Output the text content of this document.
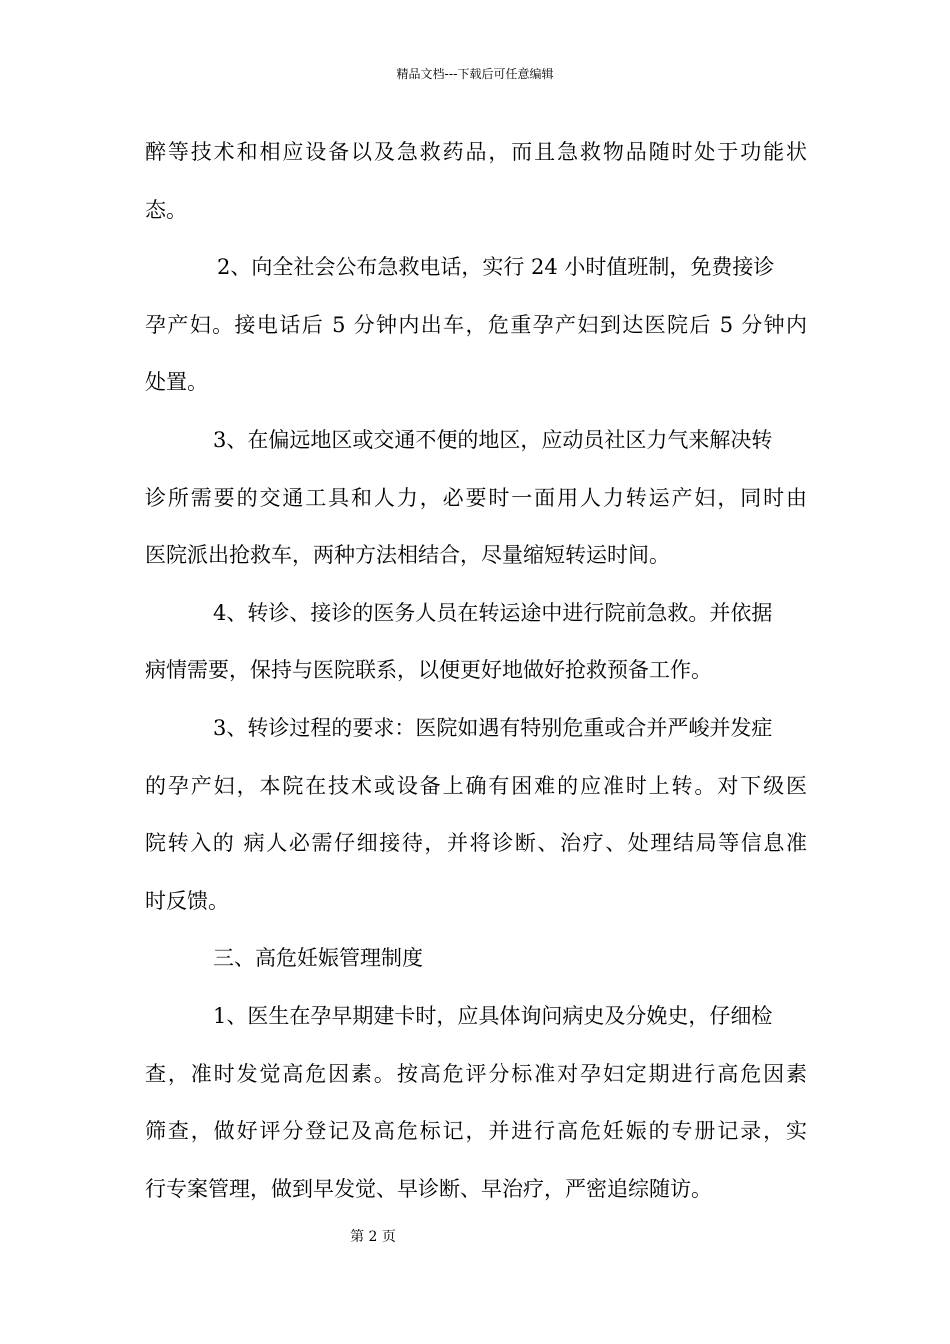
精品文档---下载后可任意编辑
醉等技术和相应设备以及急救药品，而且急救物品随时处于功能状
态。
2、向全社会公布急救电话，实行 24 小时值班制，免费接诊
孕产妇。接电话后 5 分钟内出车，危重孕产妇到达医院后 5 分钟内
处置。
3、在偏远地区或交通不便的地区，应动员社区力气来解决转
诊所需要的交通工具和人力，必要时一面用人力转运产妇，同时由
医院派出抢救车，两种方法相结合，尽量缩短转运时间。
4、转诊、接诊的医务人员在转运途中进行院前急救。并依据
病情需要，保持与医院联系，以便更好地做好抢救预备工作。
3、转诊过程的要求：医院如遇有特别危重或合并严峻并发症
的孕产妇，本院在技术或设备上确有困难的应准时上转。对下级医
院转入的 病人必需仔细接待，并将诊断、治疗、处理结局等信息准
时反馈。
三、高危妊娠管理制度
1、医生在孕早期建卡时，应具体询问病史及分娩史，仔细检
查，准时发觉高危因素。按高危评分标准对孕妇定期进行高危因素
筛查，做好评分登记及高危标记，并进行高危妊娠的专册记录，实
行专案管理，做到早发觉、早诊断、早治疗，严密追综随访。
第 2 页
